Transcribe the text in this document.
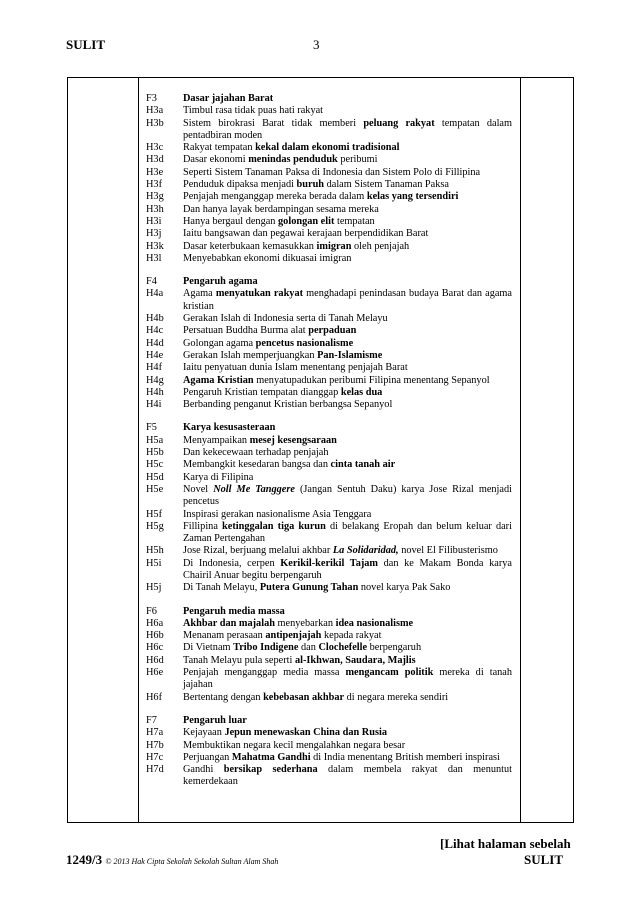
SULIT	3
F3	Dasar jajahan Barat
H3a	Timbul rasa tidak puas hati rakyat
H3b	Sistem birokrasi Barat tidak memberi peluang rakyat tempatan dalam pentadbiran moden
H3c	Rakyat tempatan kekal dalam ekonomi tradisional
H3d	Dasar ekonomi menindas penduduk peribumi
H3e	Seperti Sistem Tanaman Paksa di Indonesia dan Sistem Polo di Fillipina
H3f	Penduduk dipaksa menjadi buruh dalam Sistem Tanaman Paksa
H3g	Penjajah menganggap mereka berada dalam kelas yang tersendiri
H3h	Dan hanya layak berdampingan sesama mereka
H3i	Hanya bergaul dengan golongan elit tempatan
H3j	Iaitu bangsawan dan pegawai kerajaan berpendidikan Barat
H3k	Dasar keterbukaan kemasukkan imigran oleh penjajah
H3l	Menyebabkan ekonomi dikuasai imigran
F4	Pengaruh agama
H4a	Agama menyatukan rakyat menghadapi penindasan budaya Barat dan agama kristian
H4b	Gerakan Islah di Indonesia serta di Tanah Melayu
H4c	Persatuan Buddha Burma alat perpaduan
H4d	Golongan agama pencetus nasionalisme
H4e	Gerakan Islah memperjuangkan Pan-Islamisme
H4f	Iaitu penyatuan dunia Islam menentang penjajah Barat
H4g	Agama Kristian menyatupadukan peribumi Filipina menentang Sepanyol
H4h	Pengaruh Kristian tempatan dianggap kelas dua
H4i	Berbanding penganut Kristian berbangsa Sepanyol
F5	Karya kesusasteraan
H5a	Menyampaikan mesej kesengsaraan
H5b	Dan kekecewaan terhadap penjajah
H5c	Membangkit kesedaran bangsa dan cinta tanah air
H5d	Karya di Filipina
H5e	Novel Noll Me Tanggere (Jangan Sentuh Daku) karya Jose Rizal menjadi pencetus
H5f	Inspirasi gerakan nasionalisme Asia Tenggara
H5g	Fillipina ketinggalan tiga kurun di belakang Eropah dan belum keluar dari Zaman Pertengahan
H5h	Jose Rizal, berjuang melalui akhbar La Solidaridad, novel El Filibusterismo
H5i	Di Indonesia, cerpen Kerikil-kerikil Tajam dan ke Makam Bonda karya Chairil Anuar begitu berpengaruh
H5j	Di Tanah Melayu, Putera Gunung Tahan novel karya Pak Sako
F6	Pengaruh media massa
H6a	Akhbar dan majalah menyebarkan idea nasionalisme
H6b	Menanam perasaan antipenjajah kepada rakyat
H6c	Di Vietnam Tribo Indigene dan Clochefelle berpengaruh
H6d	Tanah Melayu pula seperti al-Ikhwan, Saudara, Majlis
H6e	Penjajah menganggap media massa mengancam politik mereka di tanah jajahan
H6f	Bertentang dengan kebebasan akhbar di negara mereka sendiri
F7	Pengaruh luar
H7a	Kejayaan Jepun menewaskan China dan Rusia
H7b	Membuktikan negara kecil mengalahkan negara besar
H7c	Perjuangan Mahatma Gandhi di India menentang British memberi inspirasi
H7d	Gandhi bersikap sederhana dalam membela rakyat dan menuntut kemerdekaan
[Lihat halaman sebelah
1249/3 © 2013 Hak Cipta Sekolah Sekolah Sultan Alam Shah	SULIT
